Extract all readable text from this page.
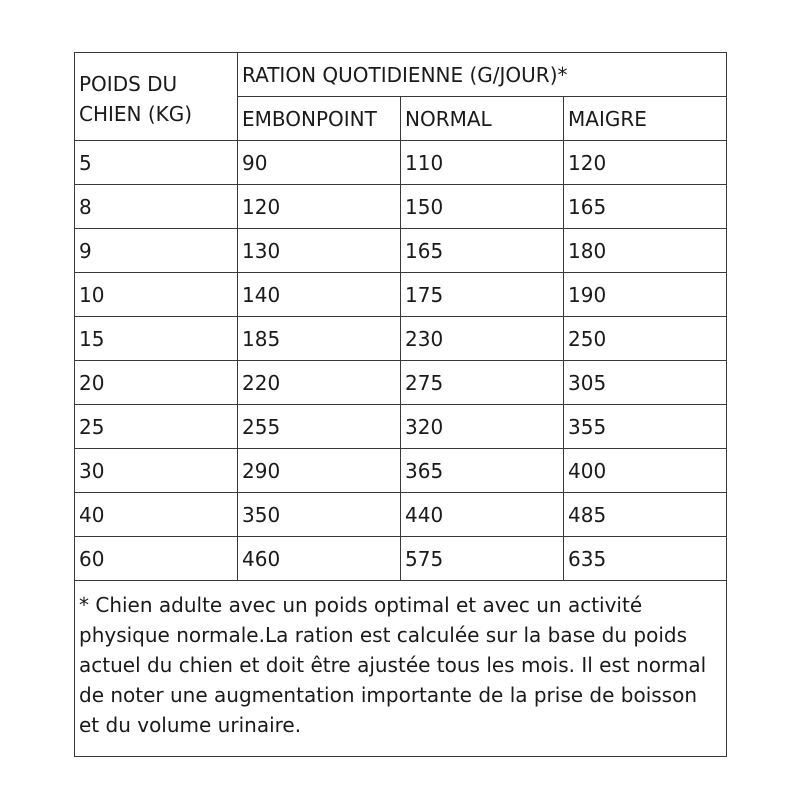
POIDS DU CHIEN (KG)	RATION QUOTIDIENNE (G/JOUR)*		
	EMBONPOINT	NORMAL	MAIGRE
5	90	110	120
8	120	150	165
9	130	165	180
10	140	175	190
15	185	230	250
20	220	275	305
25	255	320	355
30	290	365	400
40	350	440	485
60	460	575	635
* Chien adulte avec un poids optimal et avec un activité physique normale.La ration est calculée sur la base du poids actuel du chien et doit être ajustée tous les mois. Il est normal de noter une augmentation importante de la prise de boisson et du volume urinaire.			
